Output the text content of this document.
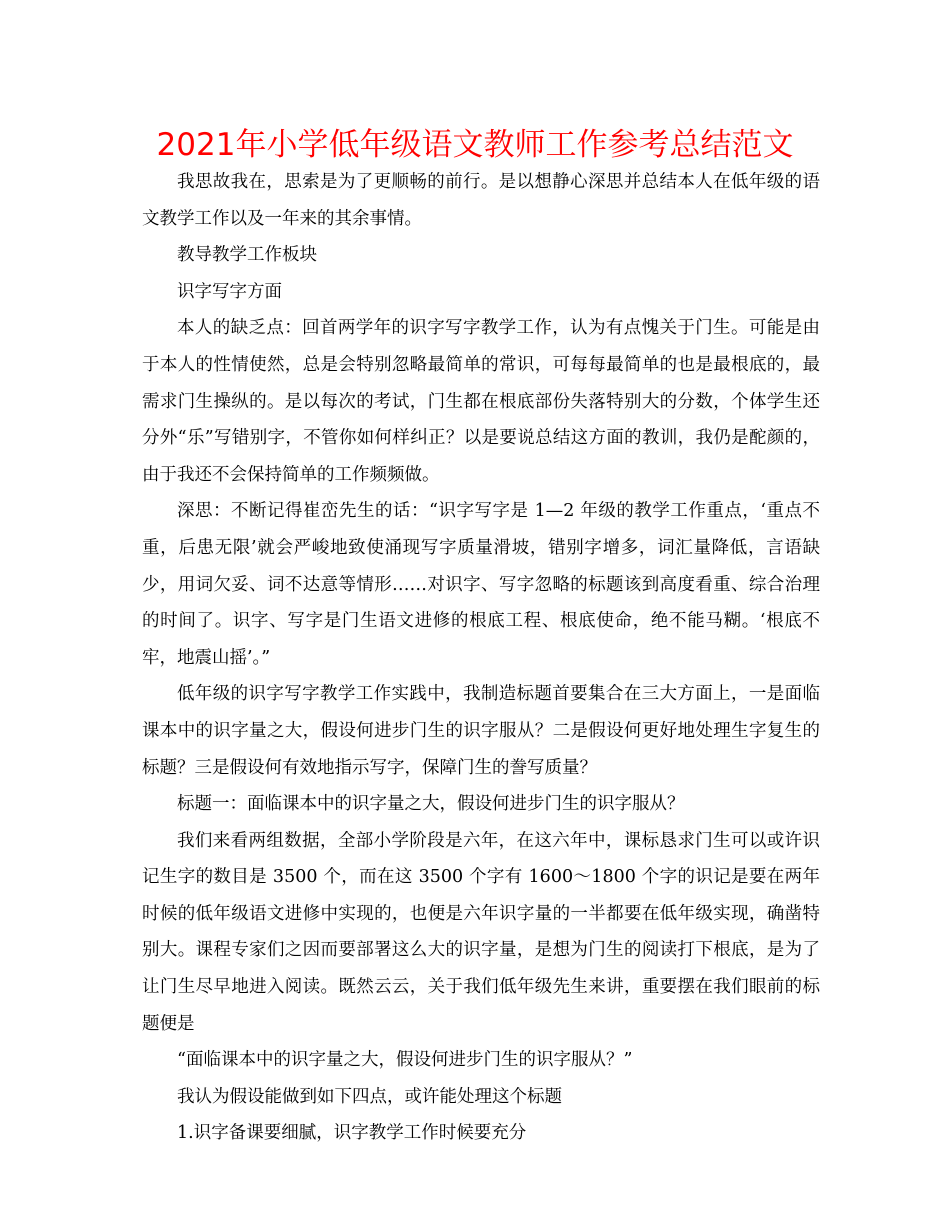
2021年小学低年级语文教师工作参考总结范文

我思故我在，思索是为了更顺畅的前行。是以想静心深思并总结本人在低年级的语文教学工作以及一年来的其余事情。

教导教学工作板块

识字写字方面

本人的缺乏点：回首两学年的识字写字教学工作，认为有点愧关于门生。可能是由于本人的性情使然，总是会特别忽略最简单的常识，可每每最简单的也是最根底的，最需求门生操纵的。是以每次的考试，门生都在根底部份失落特别大的分数，个体学生还分外“乐”写错别字，不管你如何样纠正？以是要说总结这方面的教训，我仍是酡颜的，由于我还不会保持简单的工作频频做。

深思：不断记得崔峦先生的话：“识字写字是 1—2 年级的教学工作重点，‘重点不重，后患无限’就会严峻地致使涌现写字质量滑坡，错别字增多，词汇量降低，言语缺少，用词欠妥、词不达意等情形……对识字、写字忽略的标题该到高度看重、综合治理的时间了。识字、写字是门生语文进修的根底工程、根底使命，绝不能马糊。‘根底不牢，地震山摇’。”

低年级的识字写字教学工作实践中，我制造标题首要集合在三大方面上，一是面临课本中的识字量之大，假设何进步门生的识字服从？二是假设何更好地处理生字复生的标题？三是假设何有效地指示写字，保障门生的誊写质量？

标题一：面临课本中的识字量之大，假设何进步门生的识字服从？

我们来看两组数据，全部小学阶段是六年，在这六年中，课标恳求门生可以或许识记生字的数目是 3500 个，而在这 3500 个字有 1600～1800 个字的识记是要在两年时候的低年级语文进修中实现的，也便是六年识字量的一半都要在低年级实现，确凿特别大。课程专家们之因而要部署这么大的识字量，是想为门生的阅读打下根底，是为了让门生尽早地进入阅读。既然云云，关于我们低年级先生来讲，重要摆在我们眼前的标题便是

“面临课本中的识字量之大，假设何进步门生的识字服从？”

我认为假设能做到如下四点，或许能处理这个标题

1.识字备课要细腻，识字教学工作时候要充分
